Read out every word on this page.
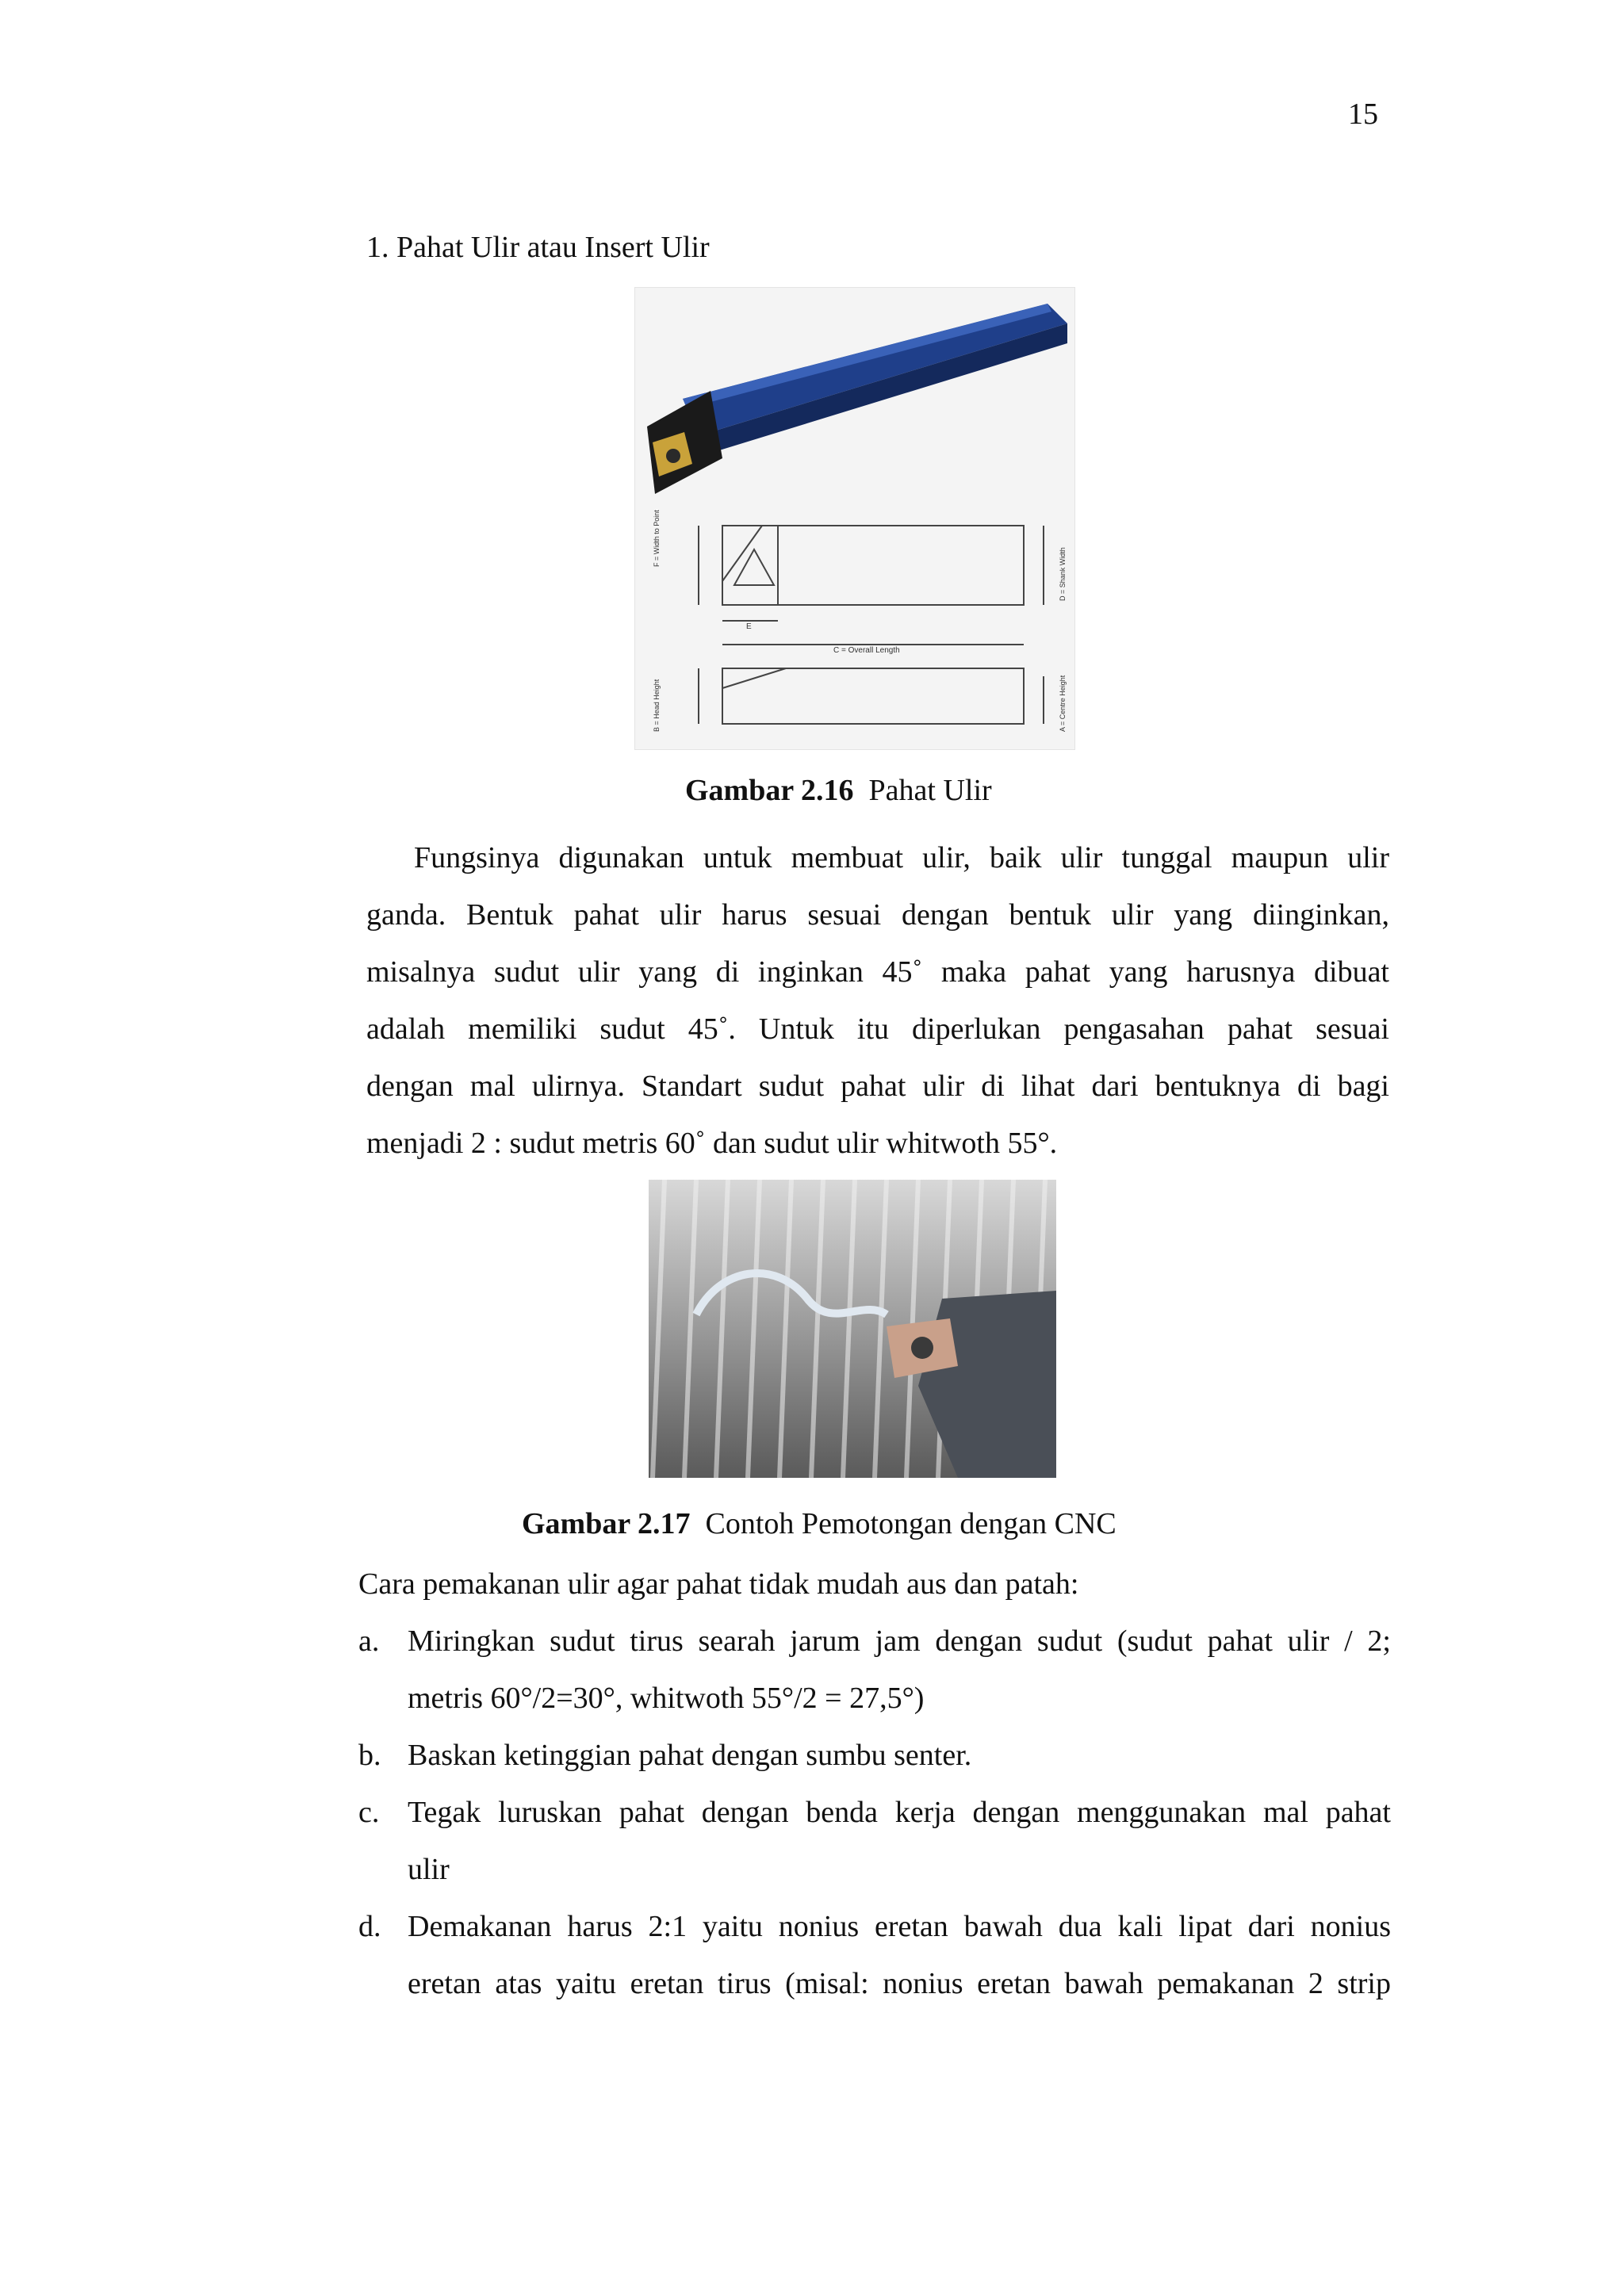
15
1. Pahat Ulir atau Insert Ulir
F = Width to Point
D = Shank Width
E
C = Overall Length
B = Head Height	A = Centre Height
Gambar 2.16 Pahat Ulir
Fungsinya digunakan untuk membuat ulir, baik ulir tunggal maupun ulir
ganda. Bentuk pahat ulir harus sesuai dengan bentuk ulir yang diinginkan,
misalnya sudut ulir yang di inginkan 45˚ maka pahat yang harusnya dibuat
adalah memiliki sudut 45˚. Untuk itu diperlukan pengasahan pahat sesuai
dengan mal ulirnya. Standart sudut pahat ulir di lihat dari bentuknya di bagi
menjadi 2 : sudut metris 60˚ dan sudut ulir whitwoth 55°.
Gambar 2.17 Contoh Pemotongan dengan CNC
Cara pemakanan ulir agar pahat tidak mudah aus dan patah:
a. Miringkan sudut tirus searah jarum jam dengan sudut (sudut pahat ulir / 2;
metris 60°/2=30°, whitwoth 55°/2 = 27,5°)
b. Baskan ketinggian pahat dengan sumbu senter.
c. Tegak luruskan pahat dengan benda kerja dengan menggunakan mal pahat
ulir
d. Demakanan harus 2:1 yaitu nonius eretan bawah dua kali lipat dari nonius
eretan atas yaitu eretan tirus (misal: nonius eretan bawah pemakanan 2 strip
